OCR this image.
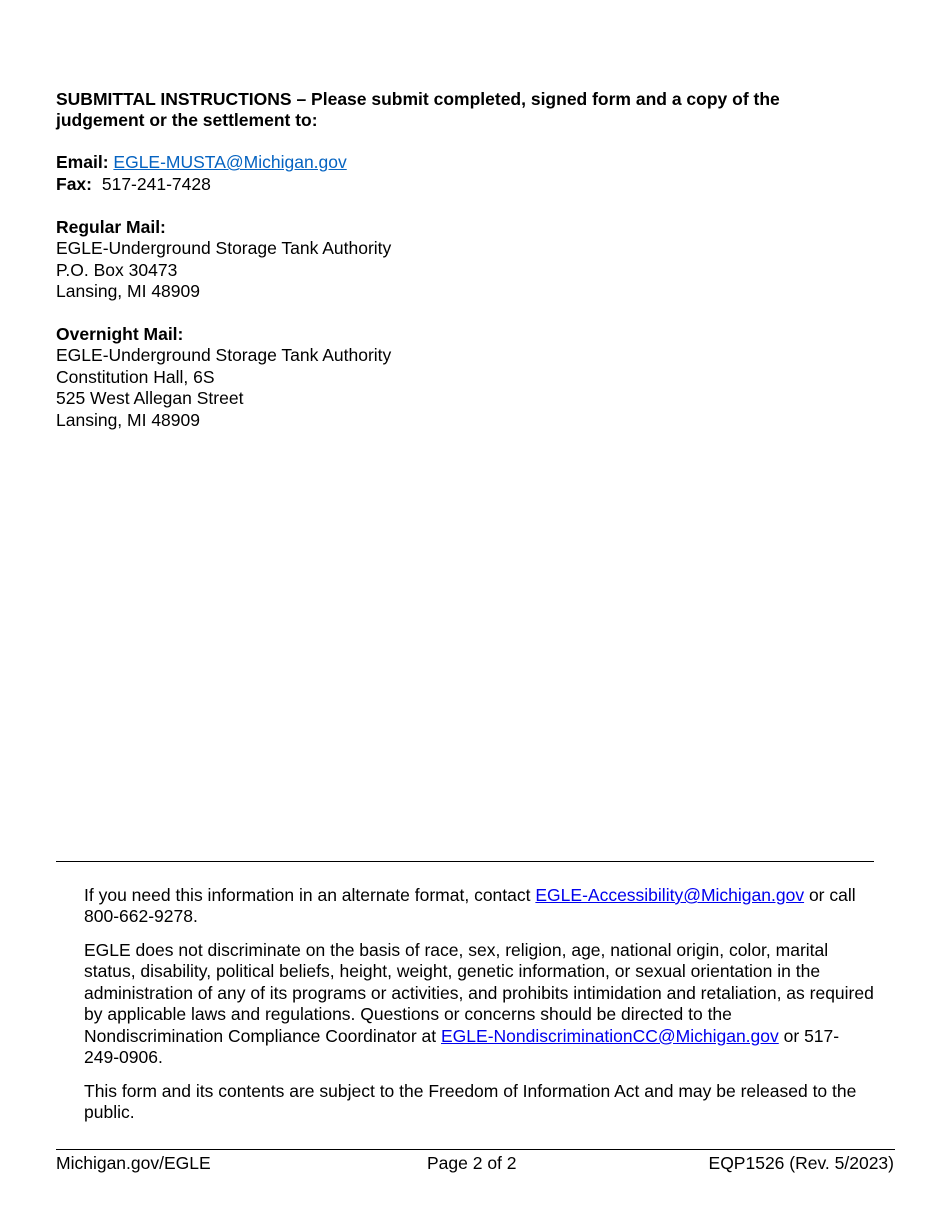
SUBMITTAL INSTRUCTIONS – Please submit completed, signed form and a copy of the judgement or the settlement to:
Email: EGLE-MUSTA@Michigan.gov
Fax: 517-241-7428
Regular Mail:
EGLE-Underground Storage Tank Authority
P.O. Box 30473
Lansing, MI 48909
Overnight Mail:
EGLE-Underground Storage Tank Authority
Constitution Hall, 6S
525 West Allegan Street
Lansing, MI 48909

If you need this information in an alternate format, contact EGLE-Accessibility@Michigan.gov or call 800-662-9278.

EGLE does not discriminate on the basis of race, sex, religion, age, national origin, color, marital status, disability, political beliefs, height, weight, genetic information, or sexual orientation in the administration of any of its programs or activities, and prohibits intimidation and retaliation, as required by applicable laws and regulations. Questions or concerns should be directed to the Nondiscrimination Compliance Coordinator at EGLE-NondiscriminationCC@Michigan.gov or 517-249-0906.

This form and its contents are subject to the Freedom of Information Act and may be released to the public.

Michigan.gov/EGLE	Page 2 of 2	EQP1526 (Rev. 5/2023)
